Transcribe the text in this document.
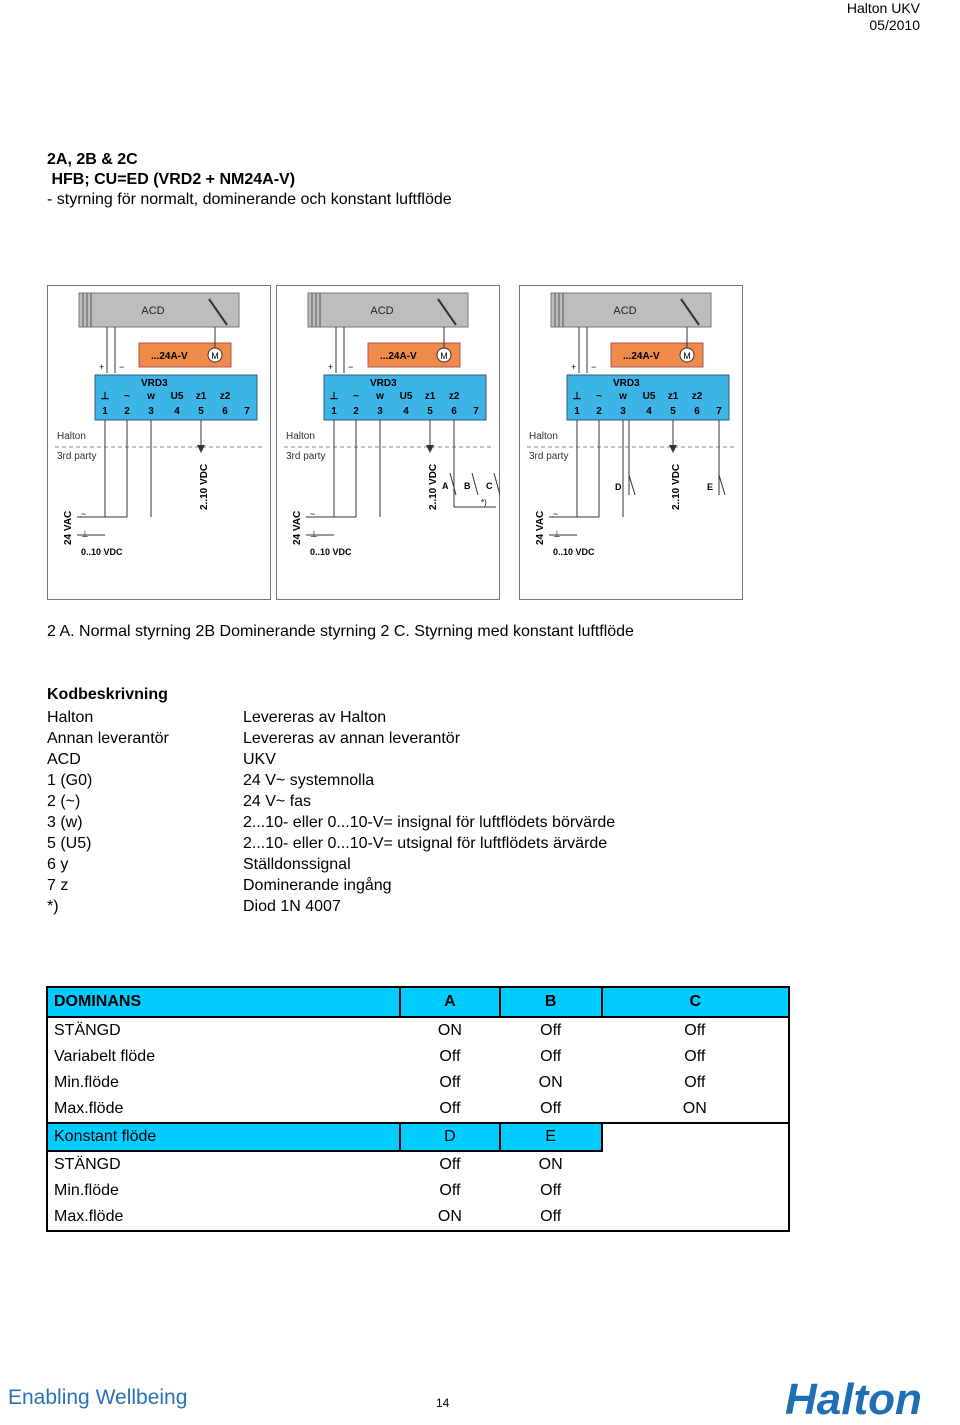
Halton UKV
05/2010
2A, 2B & 2C
HFB; CU=ED (VRD2 + NM24A-V)
- styrning för normalt, dominerande och konstant luftflöde
ACD
...24A-V	M
+ −
VRD3
⊥ ~ w U5 z1 z2
1 2 3 4 5 6 7
Halton
3rd party
2..10 VDC
24 VAC ~
⊥
0..10 VDC
ACD
...24A-V	M
+ −
VRD3
⊥ ~ w U5 z1 z2
1 2 3 4 5 6 7
Halton
3rd party
2..10 VDC
24 VAC ~
⊥
0..10 VDC
A B C
*)
ACD
...24A-V	M
+ −
VRD3
⊥ ~ w U5 z1 z2
1 2 3 4 5 6 7
Halton
3rd party
2..10 VDC
24 VAC ~
⊥
0..10 VDC
D	E
2 A. Normal styrning 2B Dominerande styrning 2 C. Styrning med konstant luftflöde
Kodbeskrivning
Halton	Levereras av Halton
Annan leverantör	Levereras av annan leverantör
ACD	UKV
1 (G0)	24 V~ systemnolla
2 (~)	24 V~ fas
3 (w)	2...10- eller 0...10-V= insignal för luftflödets börvärde
5 (U5)	2...10- eller 0...10-V= utsignal för luftflödets ärvärde
6 y	Ställdonssignal
7 z	Dominerande ingång
*)	Diod 1N 4007
DOMINANS	A	B	C
STÄNGD	ON	Off	Off
Variabelt flöde	Off	Off	Off
Min.flöde	Off	ON	Off
Max.flöde	Off	Off	ON
Konstant flöde	D	E	
STÄNGD	Off	ON	
Min.flöde	Off	Off	
Max.flöde	ON	Off	
Enabling Wellbeing	14	Halton
